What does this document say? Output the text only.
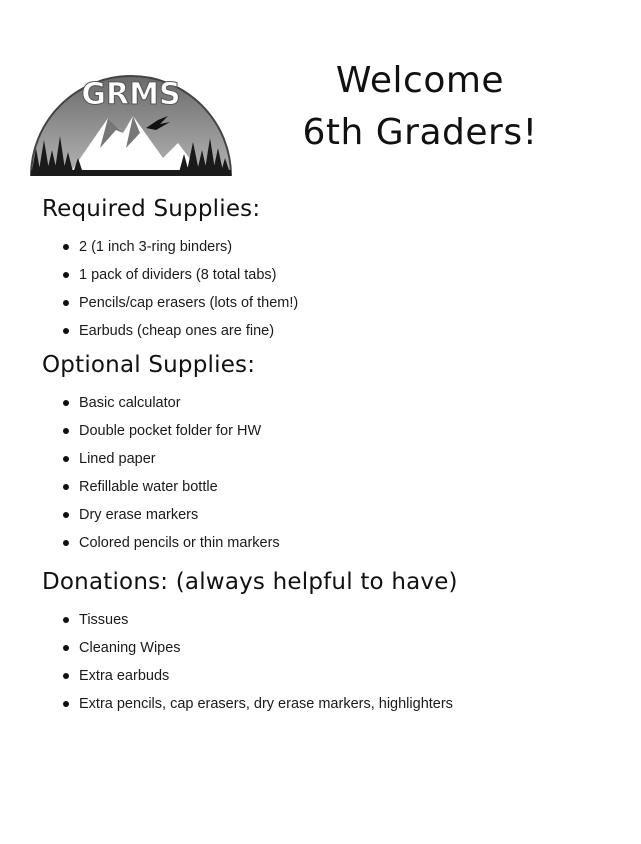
GRMS	Welcome
6th Graders!
Required Supplies:
2 (1 inch 3-ring binders)
1 pack of dividers (8 total tabs)
Pencils/cap erasers (lots of them!)
Earbuds (cheap ones are fine)
Optional Supplies:
Basic calculator
Double pocket folder for HW
Lined paper
Refillable water bottle
Dry erase markers
Colored pencils or thin markers
Donations: (always helpful to have)
Tissues
Cleaning Wipes
Extra earbuds
Extra pencils, cap erasers, dry erase markers, highlighters
